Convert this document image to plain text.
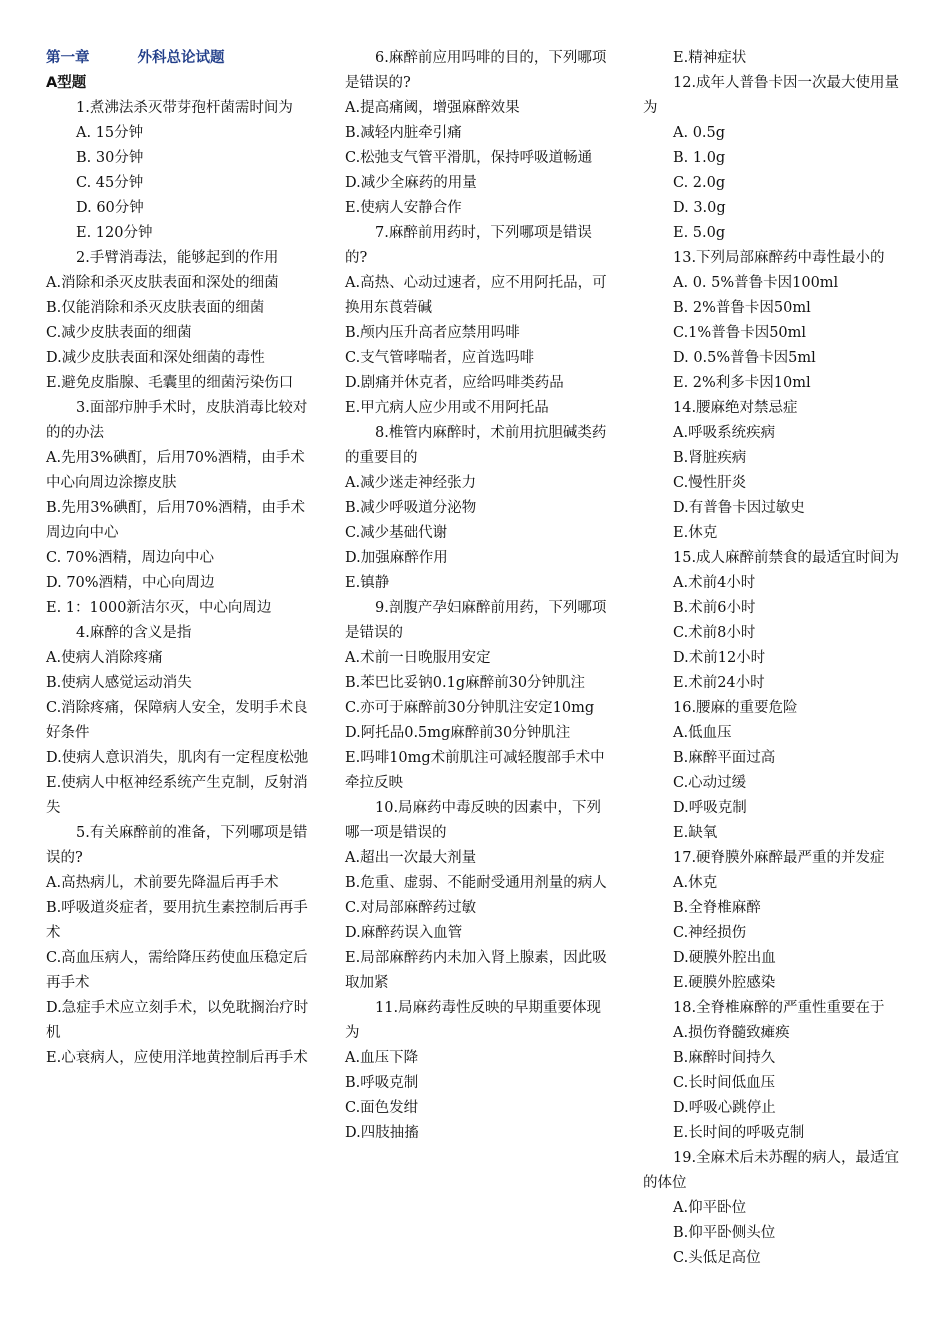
第一章	外科总论试题
A型题
1.煮沸法杀灭带芽孢杆菌需时间为
A. 15分钟
B. 30分钟
C. 45分钟
D. 60分钟
E. 120分钟
2.手臂消毒法，能够起到的作用
A.消除和杀灭皮肤表面和深处的细菌
B.仅能消除和杀灭皮肤表面的细菌
C.减少皮肤表面的细菌
D.减少皮肤表面和深处细菌的毒性
E.避免皮脂腺、毛囊里的细菌污染伤口
3.面部疖肿手术时，皮肤消毒比较对的的办法
A.先用3%碘酊，后用70%酒精，由手术中心向周边涂擦皮肤
B.先用3%碘酊，后用70%酒精，由手术周边向中心
C. 70%酒精，周边向中心
D. 70%酒精，中心向周边
E. 1：1000新洁尔灭，中心向周边
4.麻醉的含义是指
A.使病人消除疼痛
B.使病人感觉运动消失
C.消除疼痛，保障病人安全，发明手术良好条件
D.使病人意识消失，肌肉有一定程度松弛
E.使病人中枢神经系统产生克制，反射消失
5.有关麻醉前的准备，下列哪项是错误的?
A.高热病儿，术前要先降温后再手术
B.呼吸道炎症者，要用抗生素控制后再手术
C.高血压病人，需给降压药使血压稳定后再手术
D.急症手术应立刻手术，以免耽搁治疗时机
E.心衰病人，应使用洋地黄控制后再手术
6.麻醉前应用吗啡的目的，下列哪项是错误的?
A.提高痛阈，增强麻醉效果
B.减轻内脏牵引痛
C.松弛支气管平滑肌，保持呼吸道畅通
D.减少全麻药的用量
E.使病人安静合作
7.麻醉前用药时，下列哪项是错误的?
A.高热、心动过速者，应不用阿托品，可换用东莨菪碱
B.颅内压升高者应禁用吗啡
C.支气管哮喘者，应首选吗啡
D.剧痛并休克者，应给吗啡类药品
E.甲亢病人应少用或不用阿托品
8.椎管内麻醉时，术前用抗胆碱类药的重要目的
A.减少迷走神经张力
B.减少呼吸道分泌物
C.减少基础代谢
D.加强麻醉作用
E.镇静
9.剖腹产孕妇麻醉前用药，下列哪项是错误的
A.术前一日晚服用安定
B.苯巴比妥钠0.1g麻醉前30分钟肌注
C.亦可于麻醉前30分钟肌注安定10mg
D.阿托品0.5mg麻醉前30分钟肌注
E.吗啡10mg术前肌注可减轻腹部手术中牵拉反映
10.局麻药中毒反映的因素中，下列哪一项是错误的
A.超出一次最大剂量
B.危重、虚弱、不能耐受通用剂量的病人
C.对局部麻醉药过敏
D.麻醉药误入血管
E.局部麻醉药内未加入肾上腺素，因此吸取加紧
11.局麻药毒性反映的早期重要体现为
A.血压下降
B.呼吸克制
C.面色发绀
D.四肢抽搐
E.精神症状
12.成年人普鲁卡因一次最大使用量为
A. 0.5g
B. 1.0g
C. 2.0g
D. 3.0g
E. 5.0g
13.下列局部麻醉药中毒性最小的
A. 0. 5%普鲁卡因100ml
B. 2%普鲁卡因50ml
C.1%普鲁卡因50ml
D. 0.5%普鲁卡因5ml
E. 2%利多卡因10ml
14.腰麻绝对禁忌症
A.呼吸系统疾病
B.肾脏疾病
C.慢性肝炎
D.有普鲁卡因过敏史
E.休克
15.成人麻醉前禁食的最适宜时间为
A.术前4小时
B.术前6小时
C.术前8小时
D.术前12小时
E.术前24小时
16.腰麻的重要危险
A.低血压
B.麻醉平面过高
C.心动过缓
D.呼吸克制
E.缺氧
17.硬脊膜外麻醉最严重的并发症
A.休克
B.全脊椎麻醉
C.神经损伤
D.硬膜外腔出血
E.硬膜外腔感染
18.全脊椎麻醉的严重性重要在于
A.损伤脊髓致瘫痪
B.麻醉时间持久
C.长时间低血压
D.呼吸心跳停止
E.长时间的呼吸克制
19.全麻术后未苏醒的病人，最适宜的体位
A.仰平卧位
B.仰平卧侧头位
C.头低足高位
